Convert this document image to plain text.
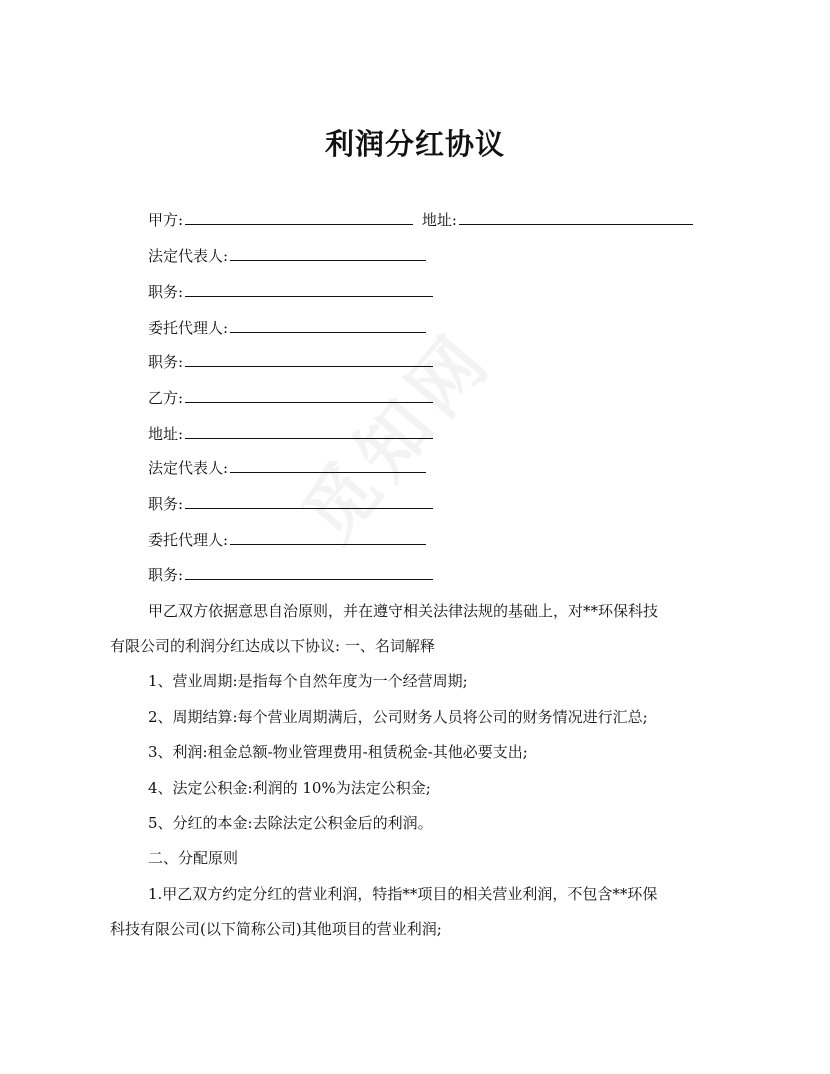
觅知网
利润分红协议
甲方:	地址:
法定代表人:
职务:
委托代理人:
职务:
乙方:
地址:
法定代表人:
职务:
委托代理人:
职务:
甲乙双方依据意思自治原则，并在遵守相关法律法规的基础上，对**环保科技
有限公司的利润分红达成以下协议: 一、名词解释
1、营业周期:是指每个自然年度为一个经营周期;
2、周期结算:每个营业周期满后，公司财务人员将公司的财务情况进行汇总;
3、利润:租金总额-物业管理费用-租赁税金-其他必要支出;
4、法定公积金:利润的 10%为法定公积金;
5、分红的本金:去除法定公积金后的利润。
二、分配原则
1.甲乙双方约定分红的营业利润，特指**项目的相关营业利润，不包含**环保
科技有限公司(以下简称公司)其他项目的营业利润;
